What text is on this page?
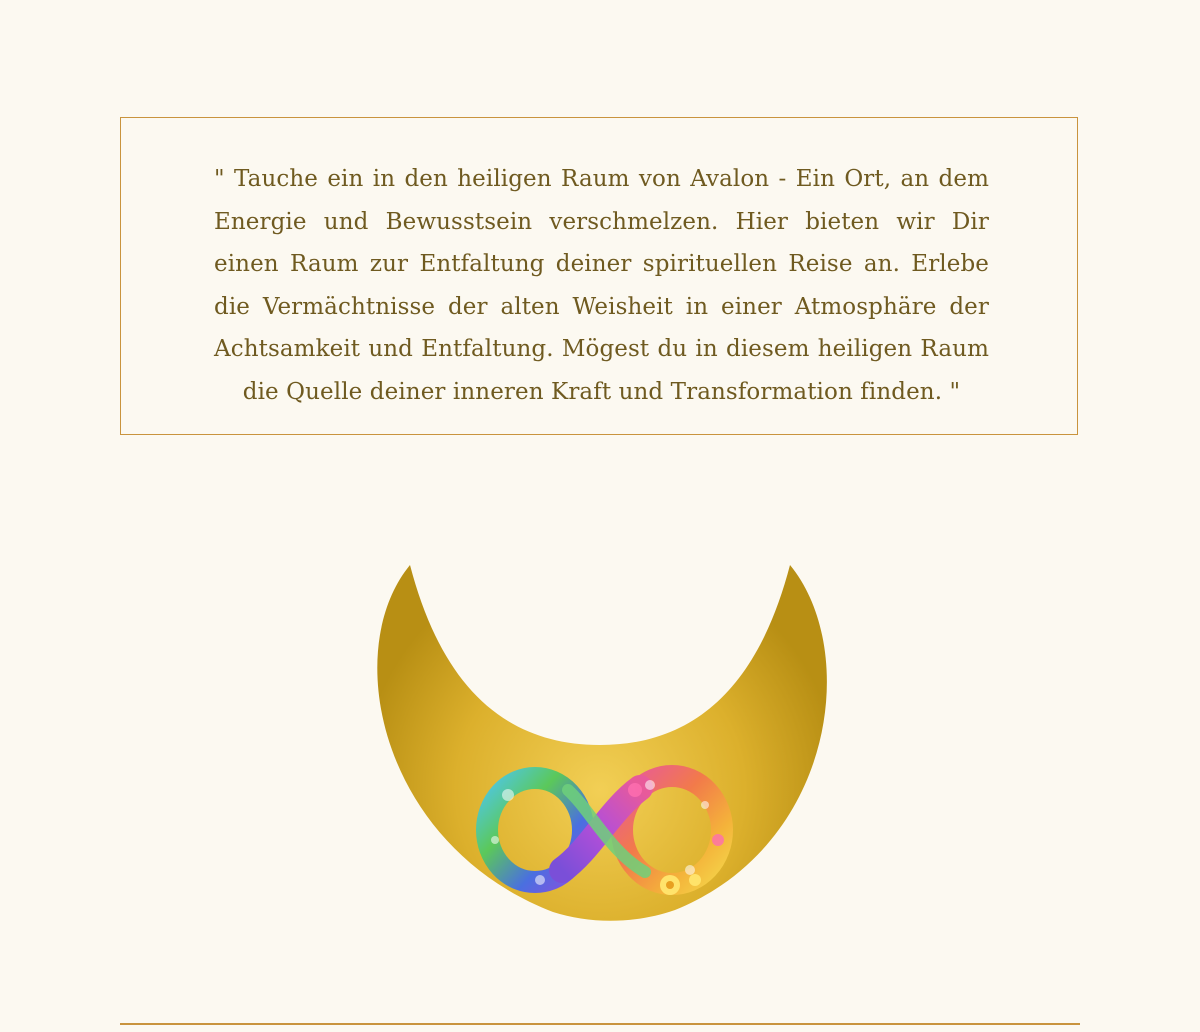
" Tauche ein in den heiligen Raum von Avalon - Ein Ort, an dem Energie und Bewusstsein verschmelzen. Hier bieten wir Dir einen Raum zur Entfaltung deiner spirituellen Reise an. Erlebe die Vermächtnisse der alten Weisheit in einer Atmosphäre der Achtsamkeit und Entfaltung. Mögest du in diesem heiligen Raum die Quelle deiner inneren Kraft und Transformation finden. "
